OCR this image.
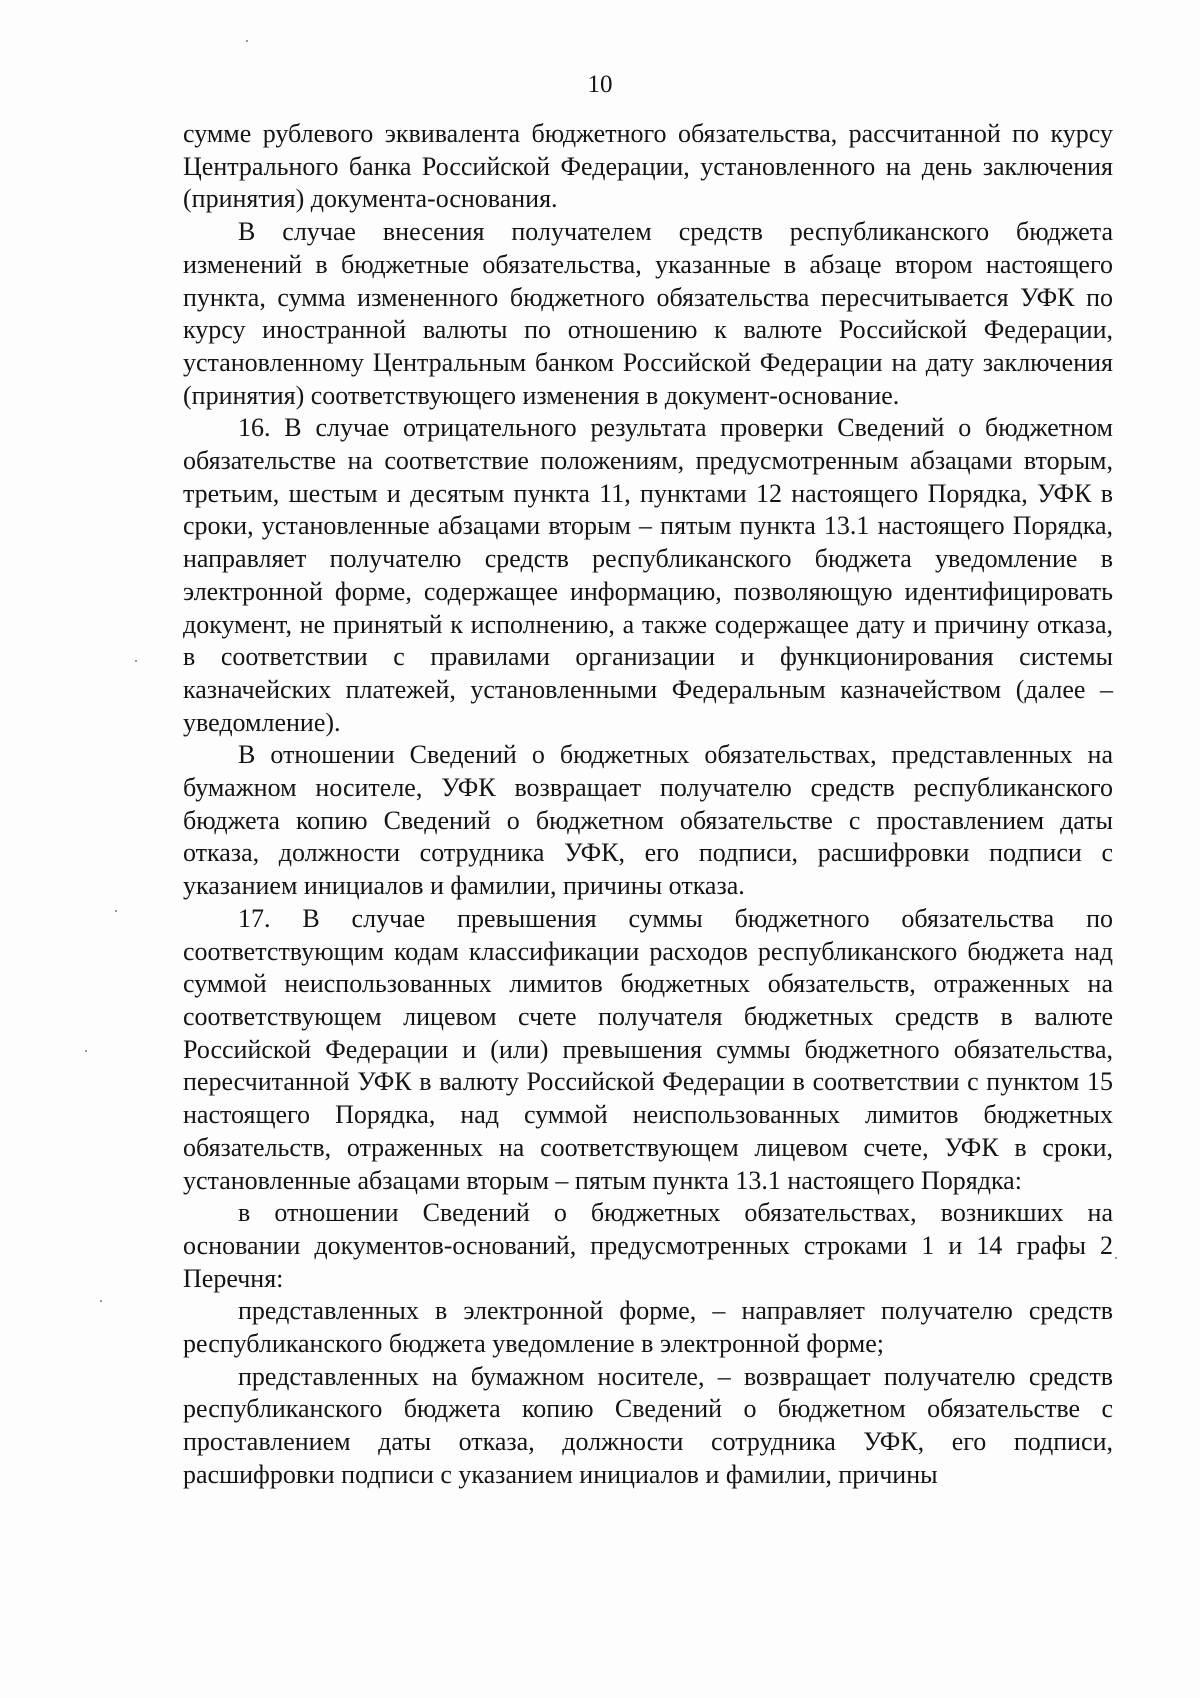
10

сумме рублевого эквивалента бюджетного обязательства, рассчитанной по курсу Центрального банка Российской Федерации, установленного на день заключения (принятия) документа-основания.

В случае внесения получателем средств республиканского бюджета изменений в бюджетные обязательства, указанные в абзаце втором настоящего пункта, сумма измененного бюджетного обязательства пересчитывается УФК по курсу иностранной валюты по отношению к валюте Российской Федерации, установленному Центральным банком Российской Федерации на дату заключения (принятия) соответствующего изменения в документ-основание.

16. В случае отрицательного результата проверки Сведений о бюджетном обязательстве на соответствие положениям, предусмотренным абзацами вторым, третьим, шестым и десятым пункта 11, пунктами 12 настоящего Порядка, УФК в сроки, установленные абзацами вторым – пятым пункта 13.1 настоящего Порядка, направляет получателю средств республиканского бюджета уведомление в электронной форме, содержащее информацию, позволяющую идентифицировать документ, не принятый к исполнению, а также содержащее дату и причину отказа, в соответствии с правилами организации и функционирования системы казначейских платежей, установленными Федеральным казначейством (далее – уведомление).

В отношении Сведений о бюджетных обязательствах, представленных на бумажном носителе, УФК возвращает получателю средств республиканского бюджета копию Сведений о бюджетном обязательстве с проставлением даты отказа, должности сотрудника УФК, его подписи, расшифровки подписи с указанием инициалов и фамилии, причины отказа.

17. В случае превышения суммы бюджетного обязательства по соответствующим кодам классификации расходов республиканского бюджета над суммой неиспользованных лимитов бюджетных обязательств, отраженных на соответствующем лицевом счете получателя бюджетных средств в валюте Российской Федерации и (или) превышения суммы бюджетного обязательства, пересчитанной УФК в валюту Российской Федерации в соответствии с пунктом 15 настоящего Порядка, над суммой неиспользованных лимитов бюджетных обязательств, отраженных на соответствующем лицевом счете, УФК в сроки, установленные абзацами вторым – пятым пункта 13.1 настоящего Порядка:

в отношении Сведений о бюджетных обязательствах, возникших на основании документов-оснований, предусмотренных строками 1 и 14 графы 2 Перечня:

представленных в электронной форме, – направляет получателю средств республиканского бюджета уведомление в электронной форме;

представленных на бумажном носителе, – возвращает получателю средств республиканского бюджета копию Сведений о бюджетном обязательстве с проставлением даты отказа, должности сотрудника УФК, его подписи, расшифровки подписи с указанием инициалов и фамилии, причины
